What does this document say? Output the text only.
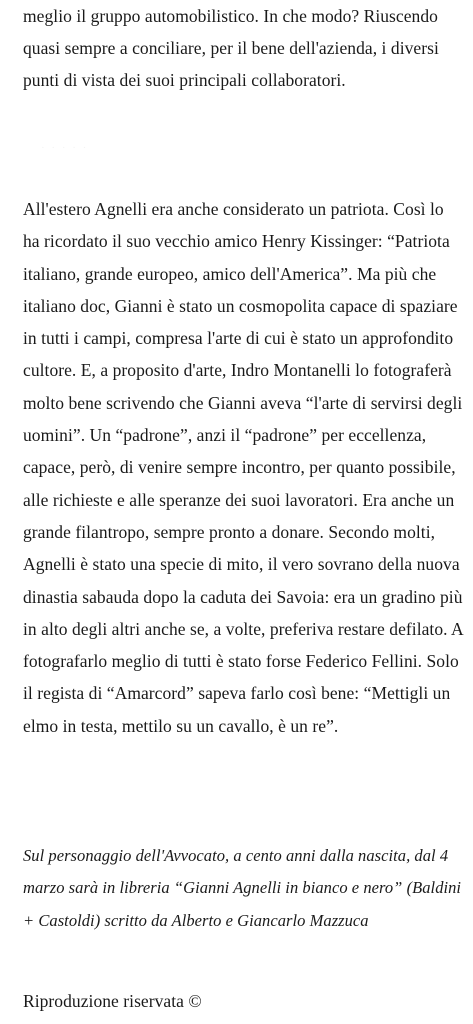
meglio il gruppo automobilistico. In che modo? Riuscendo quasi sempre a conciliare, per il bene dell'azienda, i diversi punti di vista dei suoi principali collaboratori.

· · · · ·

All'estero Agnelli era anche considerato un patriota. Così lo ha ricordato il suo vecchio amico Henry Kissinger: “Patriota italiano, grande europeo, amico dell'America”. Ma più che italiano doc, Gianni è stato un cosmopolita capace di spaziare in tutti i campi, compresa l'arte di cui è stato un approfondito cultore. E, a proposito d'arte, Indro Montanelli lo fotograferà molto bene scrivendo che Gianni aveva “l'arte di servirsi degli uomini”. Un “padrone”, anzi il “padrone” per eccellenza, capace, però, di venire sempre incontro, per quanto possibile, alle richieste e alle speranze dei suoi lavoratori. Era anche un grande filantropo, sempre pronto a donare. Secondo molti, Agnelli è stato una specie di mito, il vero sovrano della nuova dinastia sabauda dopo la caduta dei Savoia: era un gradino più in alto degli altri anche se, a volte, preferiva restare defilato. A fotografarlo meglio di tutti è stato forse Federico Fellini. Solo il regista di “Amarcord” sapeva farlo così bene: “Mettigli un elmo in testa, mettilo su un cavallo, è un re”.

Sul personaggio dell'Avvocato, a cento anni dalla nascita, dal 4 marzo sarà in libreria “Gianni Agnelli in bianco e nero” (Baldini + Castoldi) scritto da Alberto e Giancarlo Mazzuca

Riproduzione riservata ©
